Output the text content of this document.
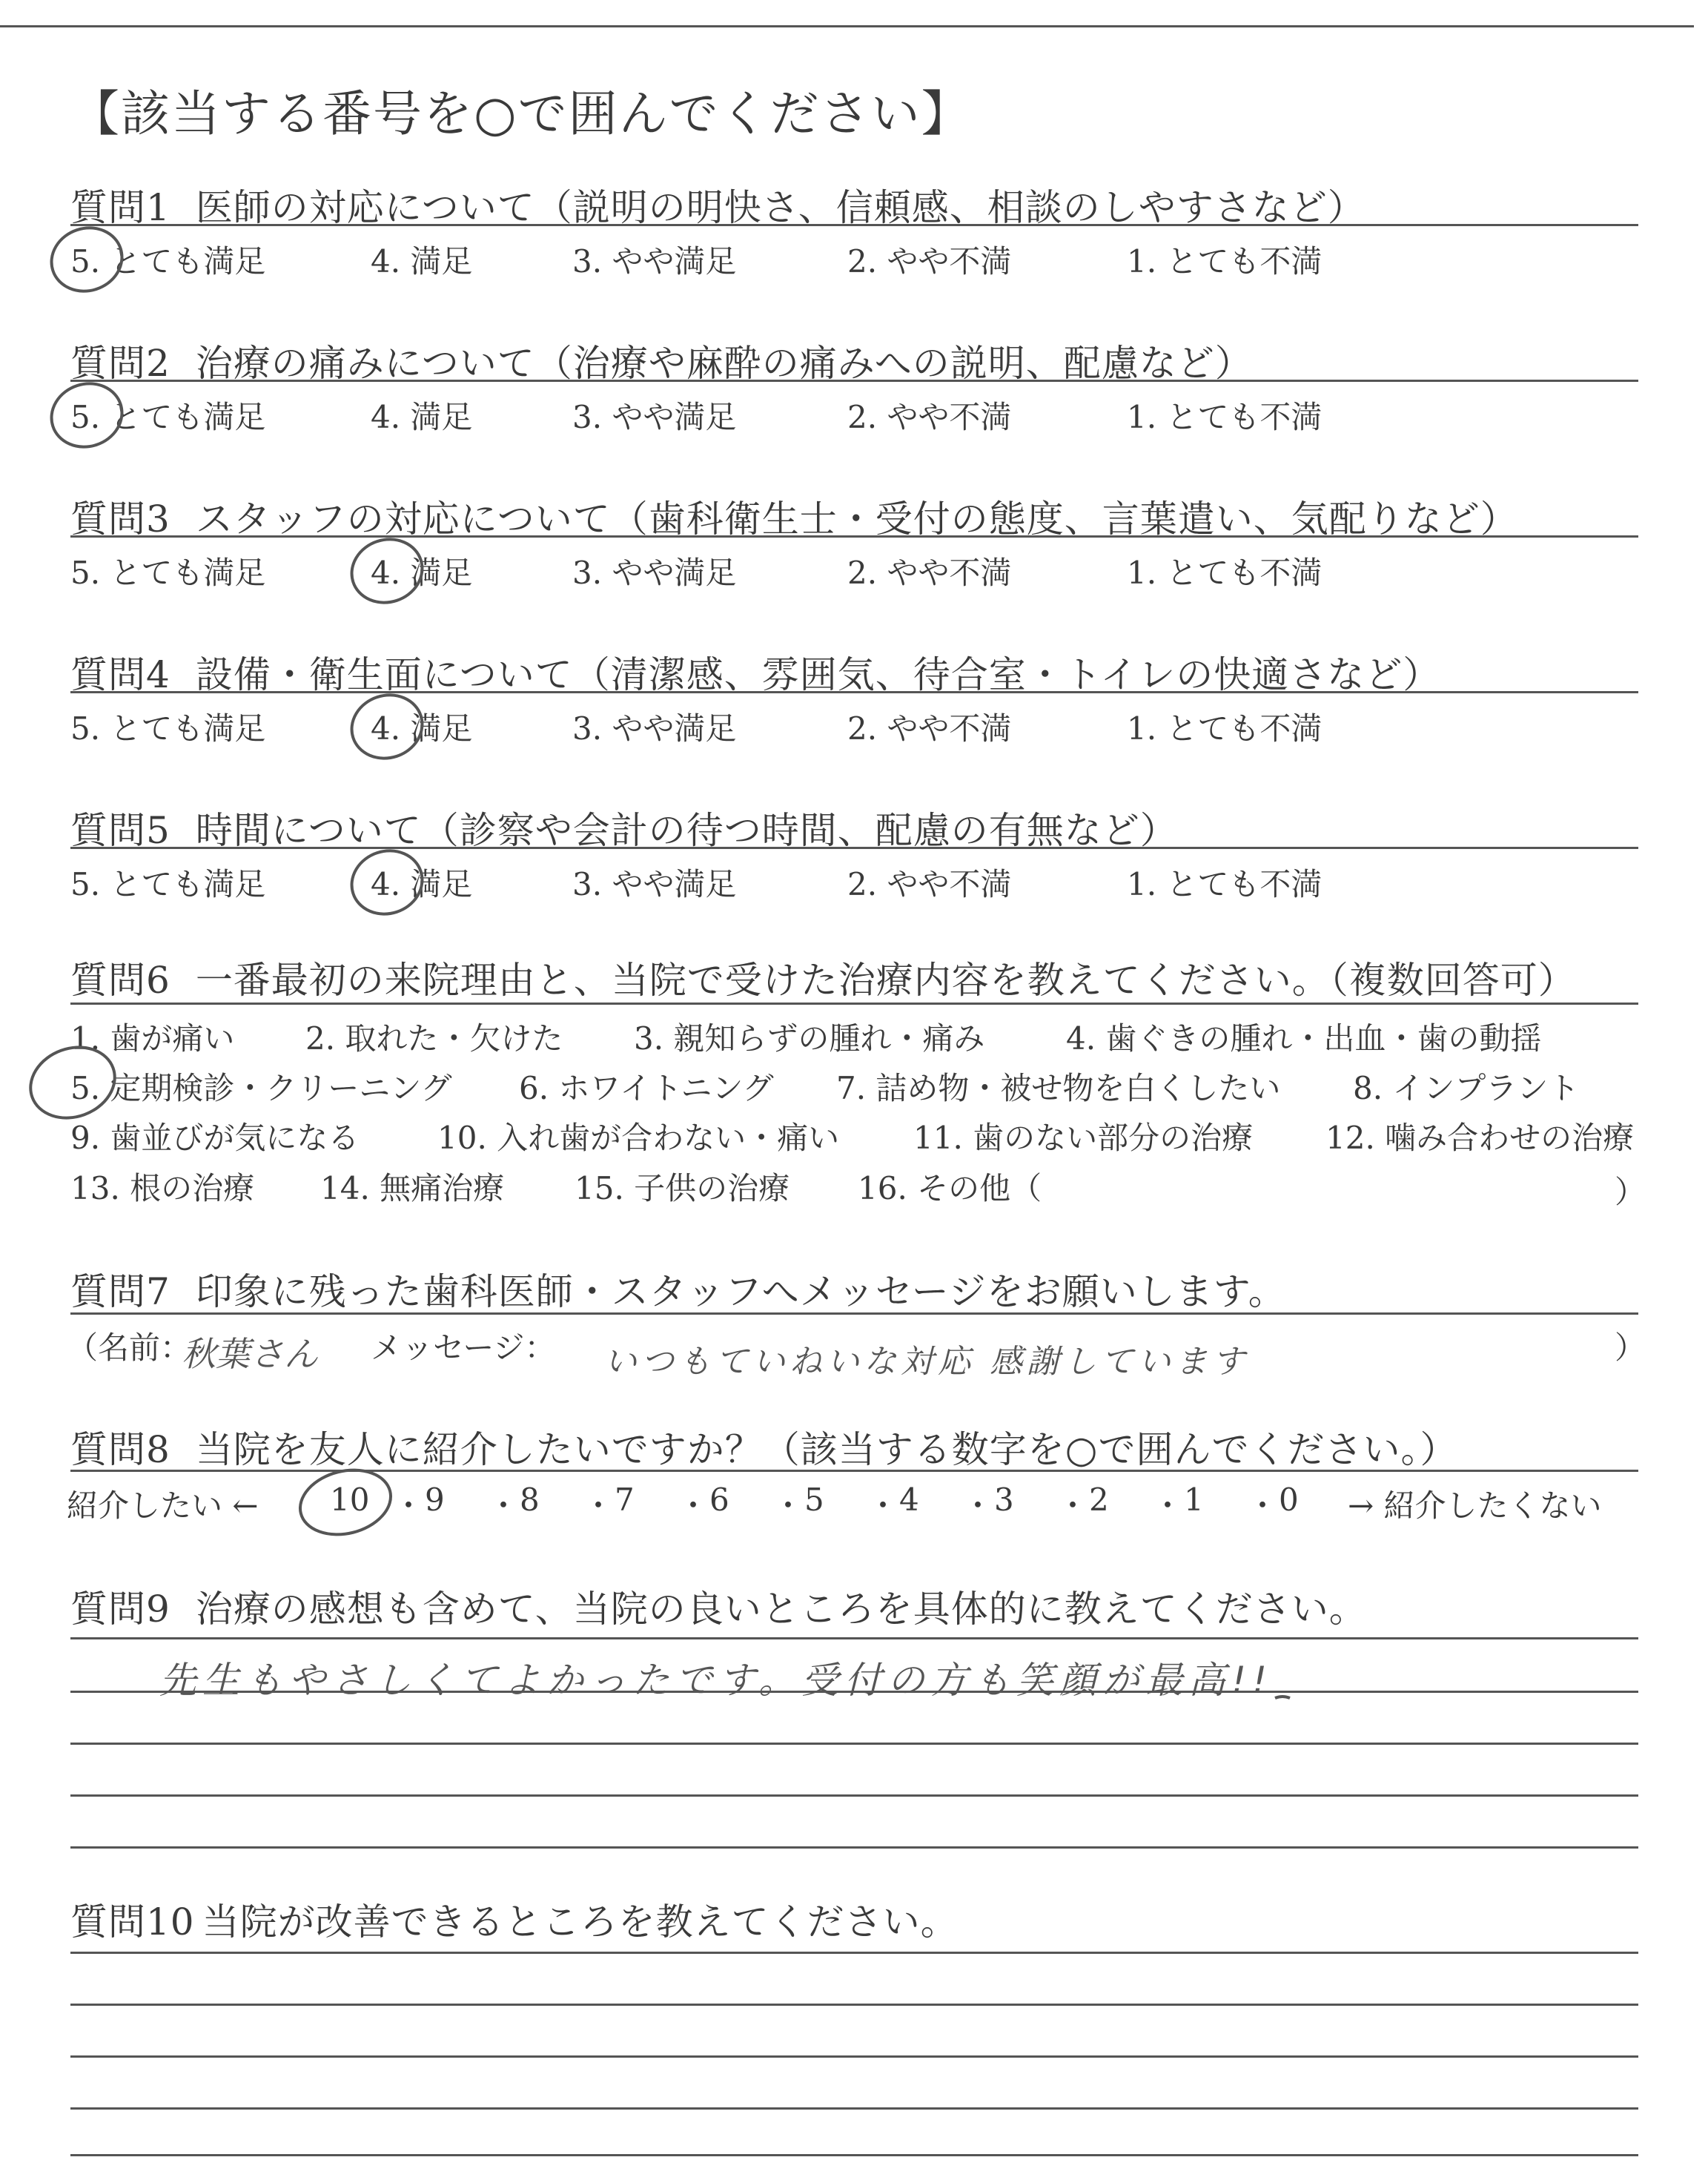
【該当する番号を○で囲んでください】
質問1 医師の対応について（説明の明快さ、信頼感、相談のしやすさなど）
5. とても満足	4. 満足	3. やや満足	2. やや不満	1. とても不満
質問2 治療の痛みについて（治療や麻酔の痛みへの説明、配慮など）
5. とても満足	4. 満足	3. やや満足	2. やや不満	1. とても不満
質問3 スタッフの対応について（歯科衛生士・受付の態度、言葉遣い、気配りなど）
5. とても満足	4. 満足	3. やや満足	2. やや不満	1. とても不満
質問4 設備・衛生面について（清潔感、雰囲気、待合室・トイレの快適さなど）
5. とても満足	4. 満足	3. やや満足	2. やや不満	1. とても不満
質問5 時間について（診察や会計の待つ時間、配慮の有無など）
5. とても満足	4. 満足	3. やや満足	2. やや不満	1. とても不満
質問6 一番最初の来院理由と、当院で受けた治療内容を教えてください。（複数回答可）
1. 歯が痛い 2. 取れた・欠けた 3. 親知らずの腫れ・痛み	4. 歯ぐきの腫れ・出血・歯の動揺
5. 定期検診・クリーニング 6. ホワイトニング 7. 詰め物・被せ物を白くしたい 8. インプラント
9. 歯並びが気になる	10. 入れ歯が合わない・痛い 11. 歯のない部分の治療 12. 噛み合わせの治療
13. 根の治療 14. 無痛治療 15. 子供の治療 16. その他（	）
質問7 印象に残った歯科医師・スタッフへメッセージをお願いします。
（名前：
秋葉さん メッセージ： いつもていねいな対応 感謝しています	）
質問8 当院を友人に紹介したいですか？（該当する数字を○で囲んでください。）
紹介したい ← 10 ・ 9 ・ 8 ・ 7 ・ 6 ・ 5 ・ 4 ・ 3 ・ 2 ・ 1 ・ 0 → 紹介したくない
質問9 治療の感想も含めて、当院の良いところを具体的に教えてください。
先生もやさしくてよかったです。受付の方も笑顔が最高!!
質問10 当院が改善できるところを教えてください。
